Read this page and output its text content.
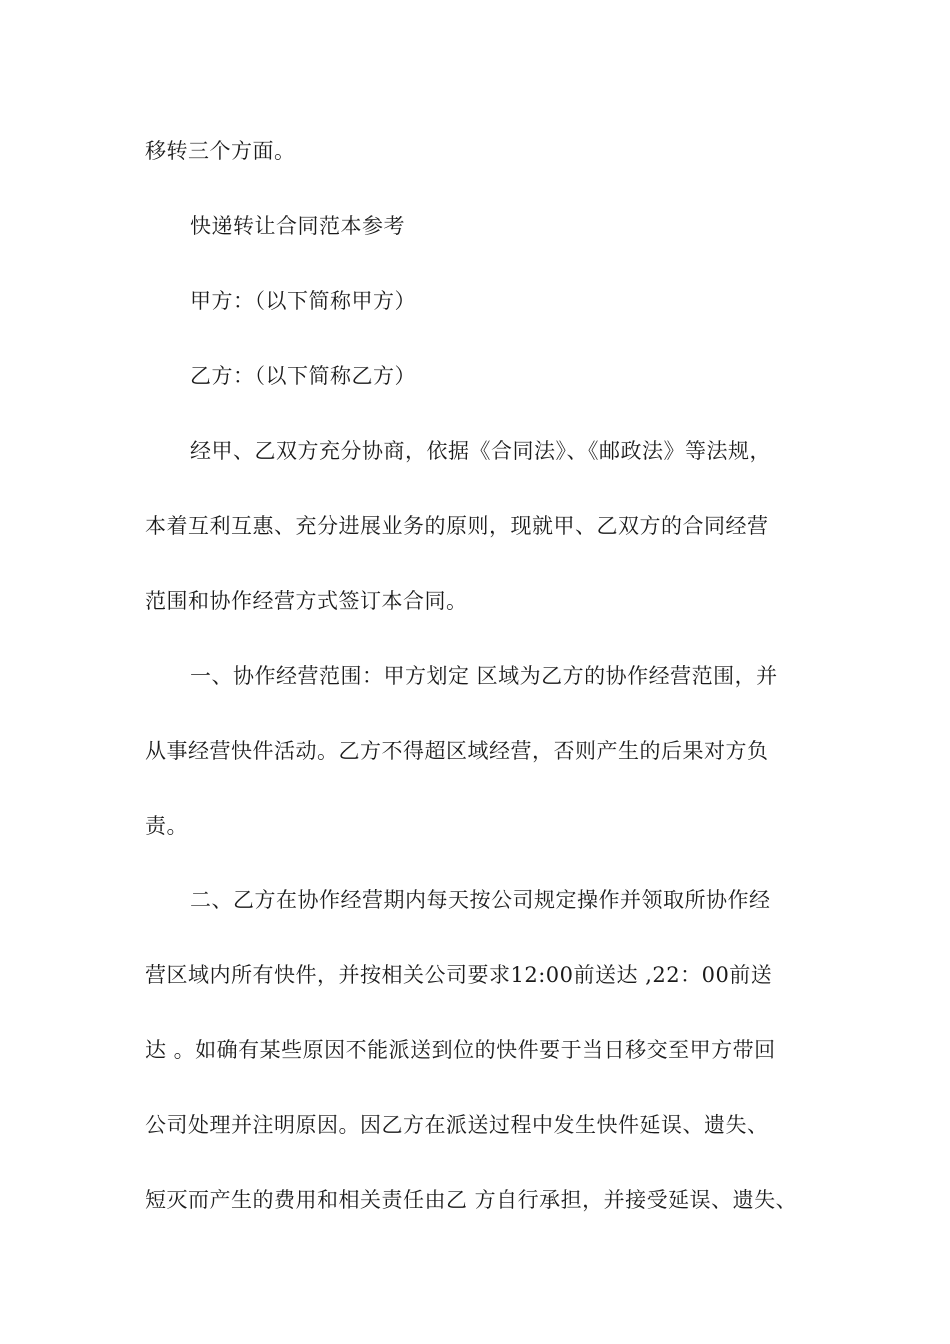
移转三个方面。
快递转让合同范本参考
甲方：（以下简称甲方）
乙方：（以下简称乙方）
经甲、乙双方充分协商，依据《合同法》、《邮政法》等法规，
本着互利互惠、充分进展业务的原则，现就甲、乙双方的合同经营
范围和协作经营方式签订本合同。
一、协作经营范围：甲方划定 区域为乙方的协作经营范围，并
从事经营快件活动。乙方不得超区域经营，否则产生的后果对方负
责。
二、乙方在协作经营期内每天按公司规定操作并领取所协作经
营区域内所有快件，并按相关公司要求12:00前送达 ,22：00前送
达 。如确有某些原因不能派送到位的快件要于当日移交至甲方带回
公司处理并注明原因。因乙方在派送过程中发生快件延误、遗失、
短灭而产生的费用和相关责任由乙 方自行承担，并接受延误、遗失、
